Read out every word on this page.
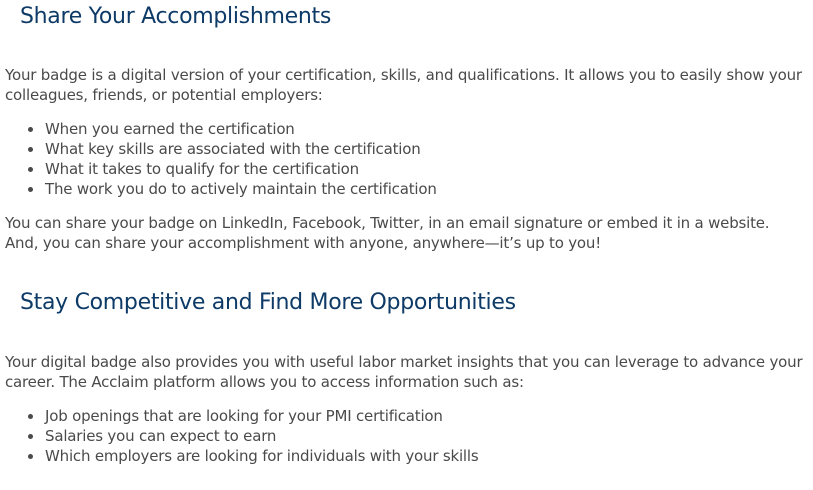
Share Your Accomplishments

Your badge is a digital version of your certification, skills, and qualifications. It allows you to easily show your colleagues, friends, or potential employers:

When you earned the certification
What key skills are associated with the certification
What it takes to qualify for the certification
The work you do to actively maintain the certification

You can share your badge on LinkedIn, Facebook, Twitter, in an email signature or embed it in a website. And, you can share your accomplishment with anyone, anywhere—it’s up to you!

Stay Competitive and Find More Opportunities

Your digital badge also provides you with useful labor market insights that you can leverage to advance your career. The Acclaim platform allows you to access information such as:

Job openings that are looking for your PMI certification
Salaries you can expect to earn
Which employers are looking for individuals with your skills
